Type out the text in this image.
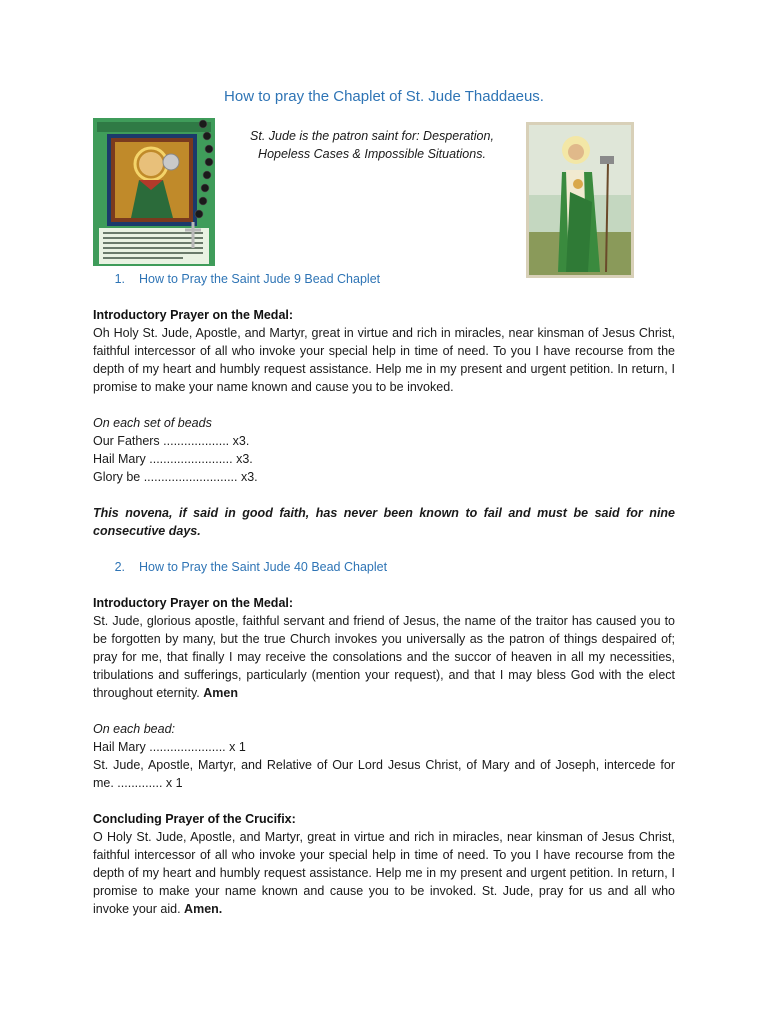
How to pray the Chaplet of St. Jude Thaddaeus.
St. Jude is the patron saint for: Desperation,
Hopeless Cases & Impossible Situations.
1. How to Pray the Saint Jude 9 Bead Chaplet

Introductory Prayer on the Medal:

Oh Holy St. Jude, Apostle, and Martyr, great in virtue and rich in miracles, near kinsman of Jesus Christ, faithful intercessor of all who invoke your special help in time of need. To you I have recourse from the depth of my heart and humbly request assistance. Help me in my present and urgent petition. In return, I promise to make your name known and cause you to be invoked.

On each set of beads

Our Fathers ................... x3.

Hail Mary ........................ x3.

Glory be ........................... x3.

This novena, if said in good faith, has never been known to fail and must be said for nine consecutive days.

2. How to Pray the Saint Jude 40 Bead Chaplet

Introductory Prayer on the Medal:

St. Jude, glorious apostle, faithful servant and friend of Jesus, the name of the traitor has caused you to be forgotten by many, but the true Church invokes you universally as the patron of things despaired of; pray for me, that finally I may receive the consolations and the succor of heaven in all my necessities, tribulations and sufferings, particularly (mention your request), and that I may bless God with the elect throughout eternity. Amen

On each bead:

Hail Mary ...................... x 1

St. Jude, Apostle, Martyr, and Relative of Our Lord Jesus Christ, of Mary and of Joseph, intercede for me. ............. x 1

Concluding Prayer of the Crucifix:

O Holy St. Jude, Apostle, and Martyr, great in virtue and rich in miracles, near kinsman of Jesus Christ, faithful intercessor of all who invoke your special help in time of need. To you I have recourse from the depth of my heart and humbly request assistance. Help me in my present and urgent petition. In return, I promise to make your name known and cause you to be invoked. St. Jude, pray for us and all who invoke your aid. Amen.
